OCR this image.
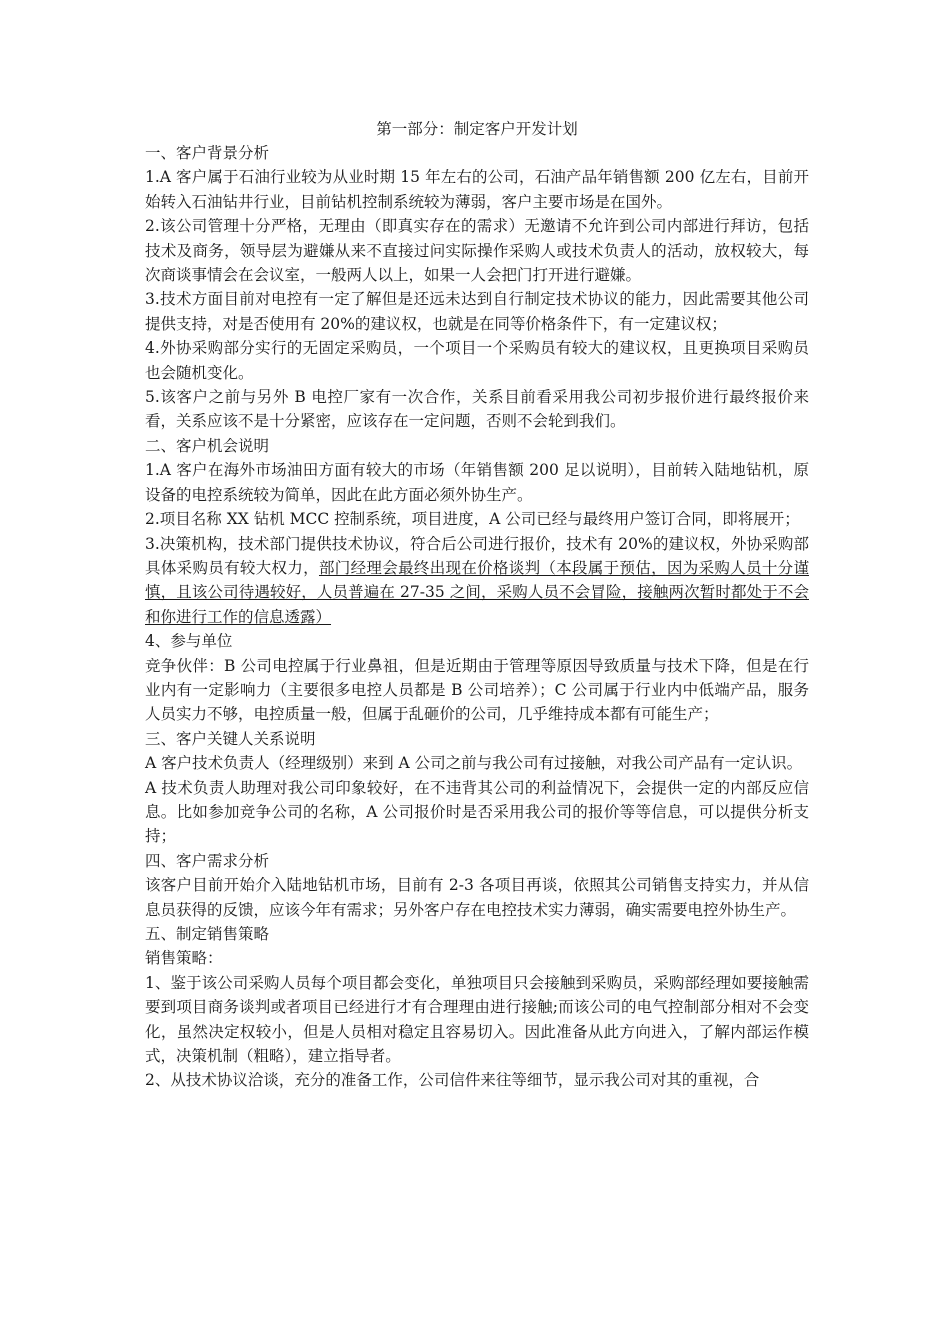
第一部分：制定客户开发计划

一、客户背景分析

1.A 客户属于石油行业较为从业时期 15 年左右的公司，石油产品年销售额 200 亿左右，目前开始转入石油钻井行业，目前钻机控制系统较为薄弱，客户主要市场是在国外。

2.该公司管理十分严格，无理由（即真实存在的需求）无邀请不允许到公司内部进行拜访，包括技术及商务，领导层为避嫌从来不直接过问实际操作采购人或技术负责人的活动，放权较大，每次商谈事情会在会议室，一般两人以上，如果一人会把门打开进行避嫌。

3.技术方面目前对电控有一定了解但是还远未达到自行制定技术协议的能力，因此需要其他公司提供支持，对是否使用有 20%的建议权，也就是在同等价格条件下，有一定建议权；

4.外协采购部分实行的无固定采购员，一个项目一个采购员有较大的建议权，且更换项目采购员也会随机变化。

5.该客户之前与另外 B 电控厂家有一次合作，关系目前看采用我公司初步报价进行最终报价来看，关系应该不是十分紧密，应该存在一定问题，否则不会轮到我们。

二、客户机会说明

1.A 客户在海外市场油田方面有较大的市场（年销售额 200 足以说明），目前转入陆地钻机，原设备的电控系统较为简单，因此在此方面必须外协生产。

2.项目名称 XX 钻机 MCC 控制系统，项目进度，A 公司已经与最终用户签订合同，即将展开；

3.决策机构，技术部门提供技术协议，符合后公司进行报价，技术有 20%的建议权，外协采购部具体采购员有较大权力，部门经理会最终出现在价格谈判（本段属于预估，因为采购人员十分谨慎，且该公司待遇较好，人员普遍在 27-35 之间，采购人员不会冒险，接触两次暂时都处于不会和你进行工作的信息透露）

4、参与单位

竞争伙伴：B 公司电控属于行业鼻祖，但是近期由于管理等原因导致质量与技术下降，但是在行业内有一定影响力（主要很多电控人员都是 B 公司培养）；C 公司属于行业内中低端产品，服务人员实力不够，电控质量一般，但属于乱砸价的公司，几乎维持成本都有可能生产；

三、客户关键人关系说明

A 客户技术负责人（经理级别）来到 A 公司之前与我公司有过接触，对我公司产品有一定认识。

A 技术负责人助理对我公司印象较好，在不违背其公司的利益情况下，会提供一定的内部反应信息。比如参加竞争公司的名称，A 公司报价时是否采用我公司的报价等等信息，可以提供分析支持；

四、客户需求分析

该客户目前开始介入陆地钻机市场，目前有 2-3 各项目再谈，依照其公司销售支持实力，并从信息员获得的反馈，应该今年有需求；另外客户存在电控技术实力薄弱，确实需要电控外协生产。

五、制定销售策略

销售策略：

1、鉴于该公司采购人员每个项目都会变化，单独项目只会接触到采购员，采购部经理如要接触需要到项目商务谈判或者项目已经进行才有合理理由进行接触;而该公司的电气控制部分相对不会变化，虽然决定权较小，但是人员相对稳定且容易切入。因此准备从此方向进入，了解内部运作模式，决策机制（粗略），建立指导者。

2、从技术协议洽谈，充分的准备工作，公司信件来往等细节，显示我公司对其的重视，合
